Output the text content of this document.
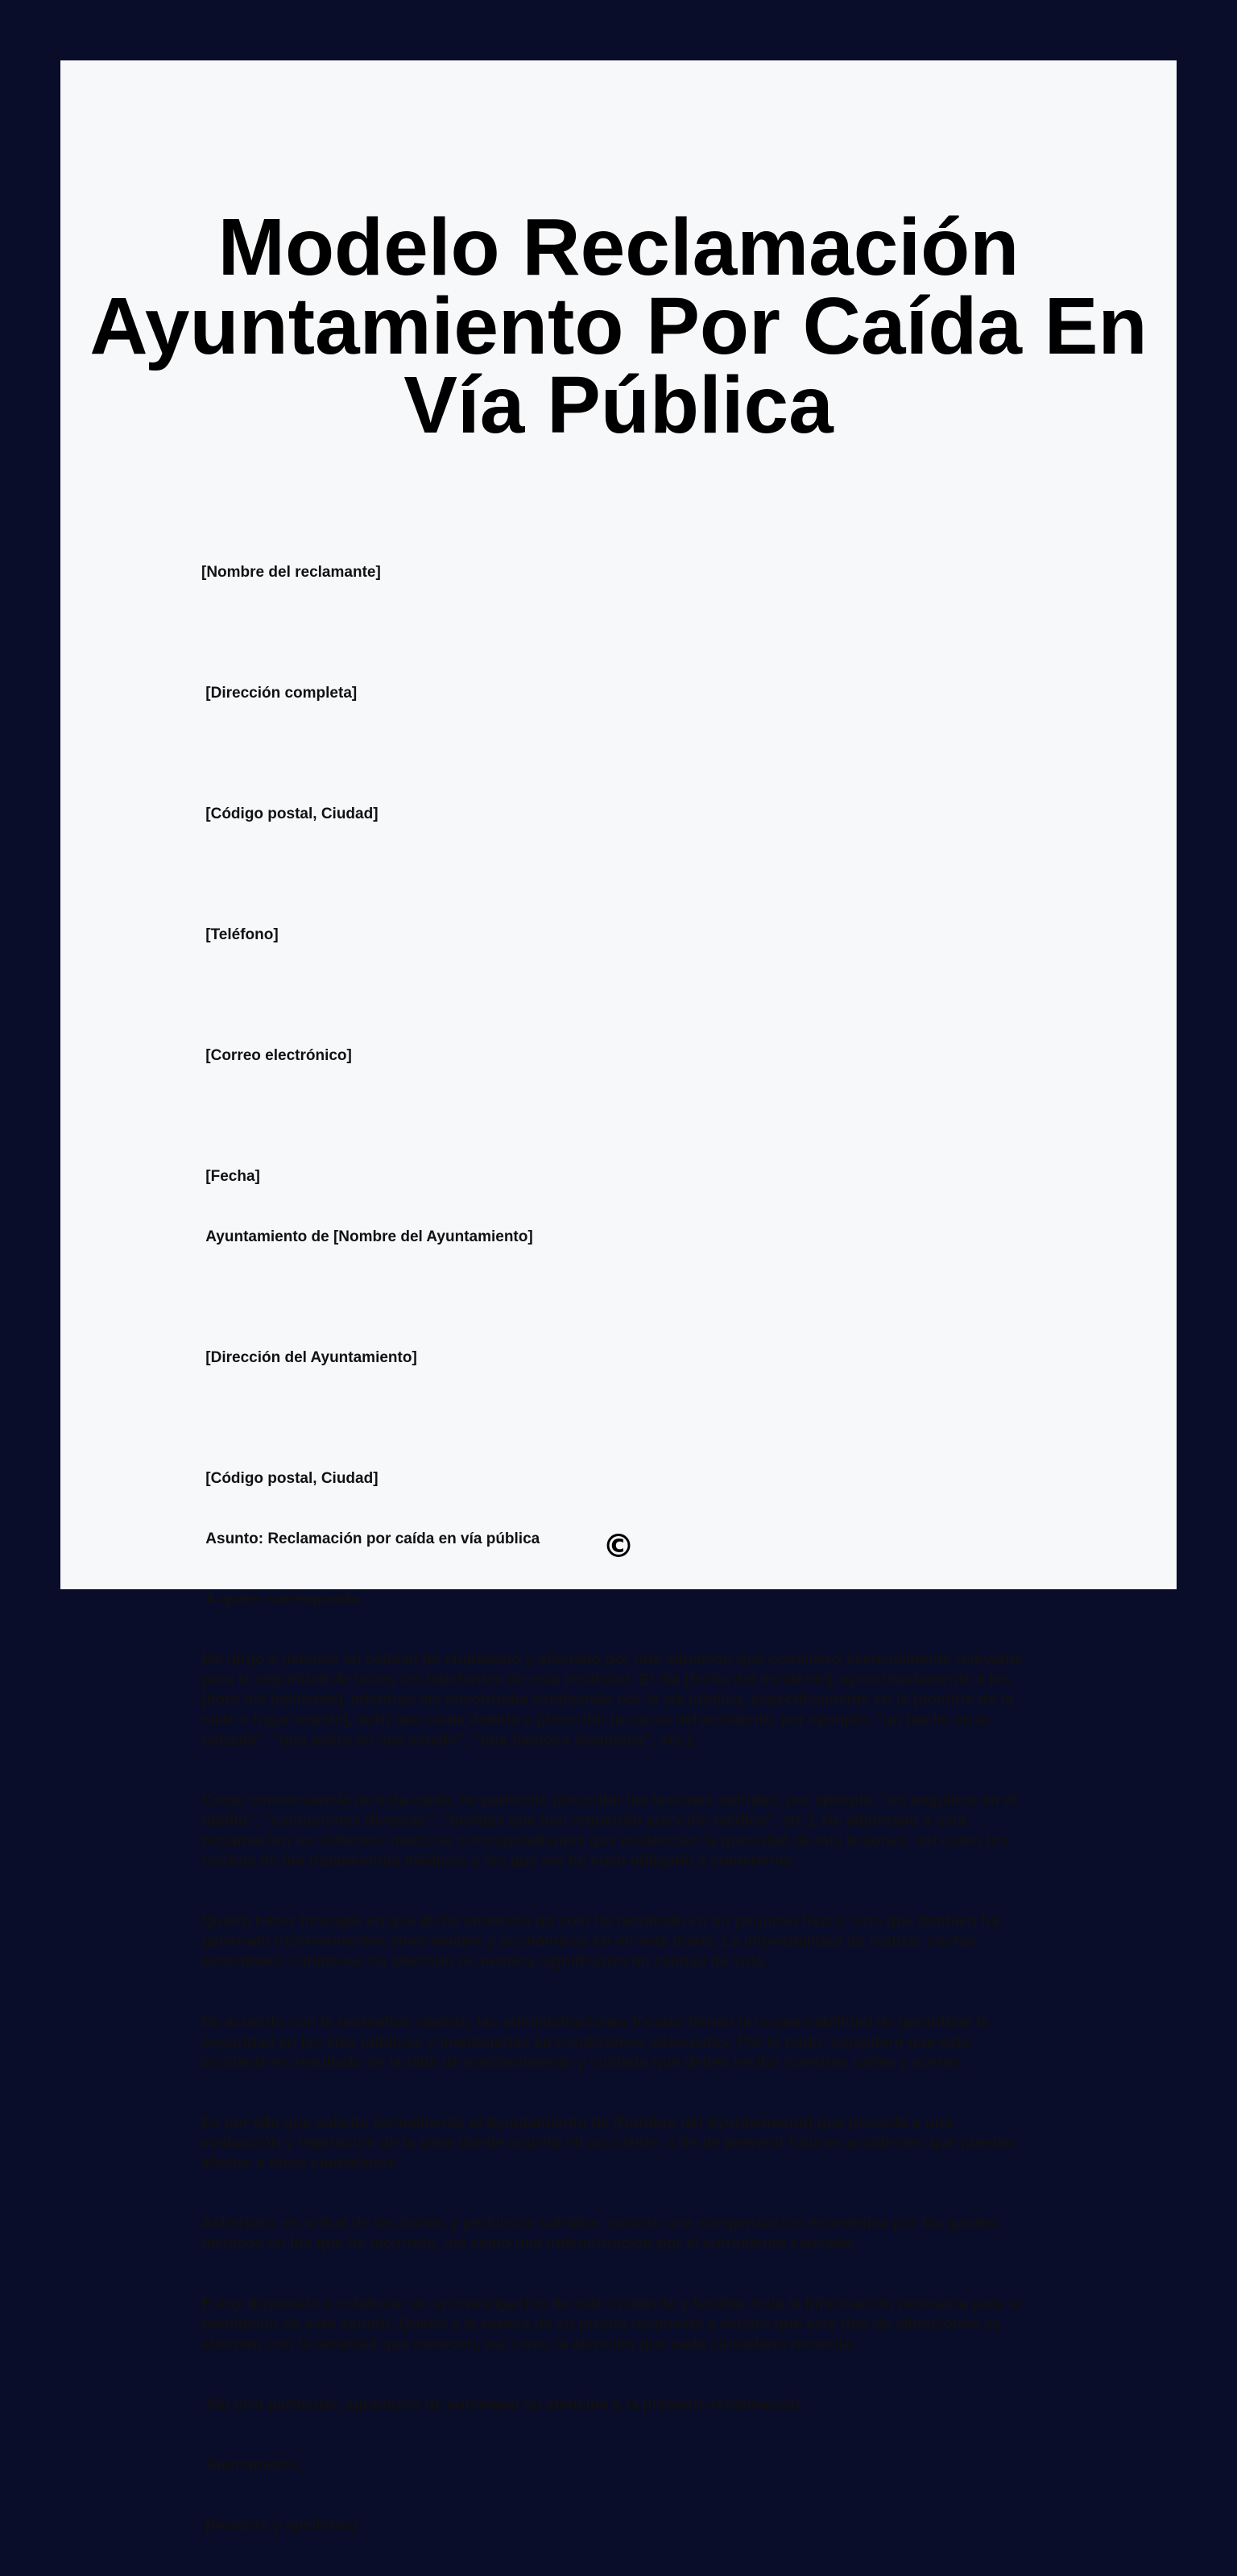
Modelo Reclamación Ayuntamiento Por Caída En Vía Pública

[Nombre del reclamante]

[Dirección completa]

[Código postal, Ciudad]

[Teléfono]

[Correo electrónico]

[Fecha]

Ayuntamiento de [Nombre del Ayuntamiento]

[Dirección del Ayuntamiento]

[Código postal, Ciudad]

Asunto: Reclamación por caída en vía pública

A quien corresponda,

Me dirijo a ustedes en calidad de ciudadano y afectado por una situación que considero esencialmente relevante para la seguridad de todos los habitantes de esta localidad. El día [fecha del incidente], aproximadamente a las [hora del incidente], mientras me encontraba caminando por la vía pública, específicamente en la [nombre de la calle o lugar exacto], sufrí una caída debido a [describir la causa del accidente, por ejemplo, "un bache en la calzada", "una acera en mal estado", "una baldosa levantada", etc.].

Como consecuencia de esta caída, he padecido [describir las lesiones sufridas, por ejemplo, "un esguince en el tobillo", "contusiones diversas", "heridas que han requerido atención médica", etc.]. He adjuntado a esta reclamación los informes médicos correspondientes que evidencian la gravedad de mis lesiones, así como los recibos de los tratamientos médicos a los que me he visto obligado a someterme.

Quiero hacer hincapié en que dicha situación no solo ha resultado en un perjuicio físico, sino que también ha generado inconvenientes emocionales y económicos en mi vida diaria. La imposibilidad de realizar ciertas actividades cotidianas ha afectado de manera significativa mi calidad de vida.

De acuerdo con la normativa vigente, las administraciones locales tienen la responsabilidad de garantizar la seguridad en las vías públicas y mantenerlas en condiciones adecuadas. Por lo tanto, considero que este incidente es resultado de la falta de mantenimiento y cuidado que deben recibir nuestras calles y aceras.

Es por ello que solicito formalmente al Ayuntamiento de [Nombre del Ayuntamiento] que proceda a una evaluación y reparación de la zona donde ocurrió mi accidente, a fin de prevenir futuros accidentes que puedan afectar a otros ciudadanos.

Asimismo, en virtud de los daños y perjuicios sufridos, solicito una compensación económica por los gastos médicos en los que he incurrido, así como una indemnización por el sufrimiento causado.

Estoy dispuesto a colaborar en la investigación de este incidente y facilitar toda la información necesaria para la resolución de este asunto. Quedo a la espera de su pronta respuesta y espero que este tipo de situaciones se aborden con la seriedad que merecen, así como la atención que cada ciudadano necesita.

Sin otro particular, agradezco de antemano su atención a la presente reclamación.

Atentamente,

[Nombre y apellidos]

©
